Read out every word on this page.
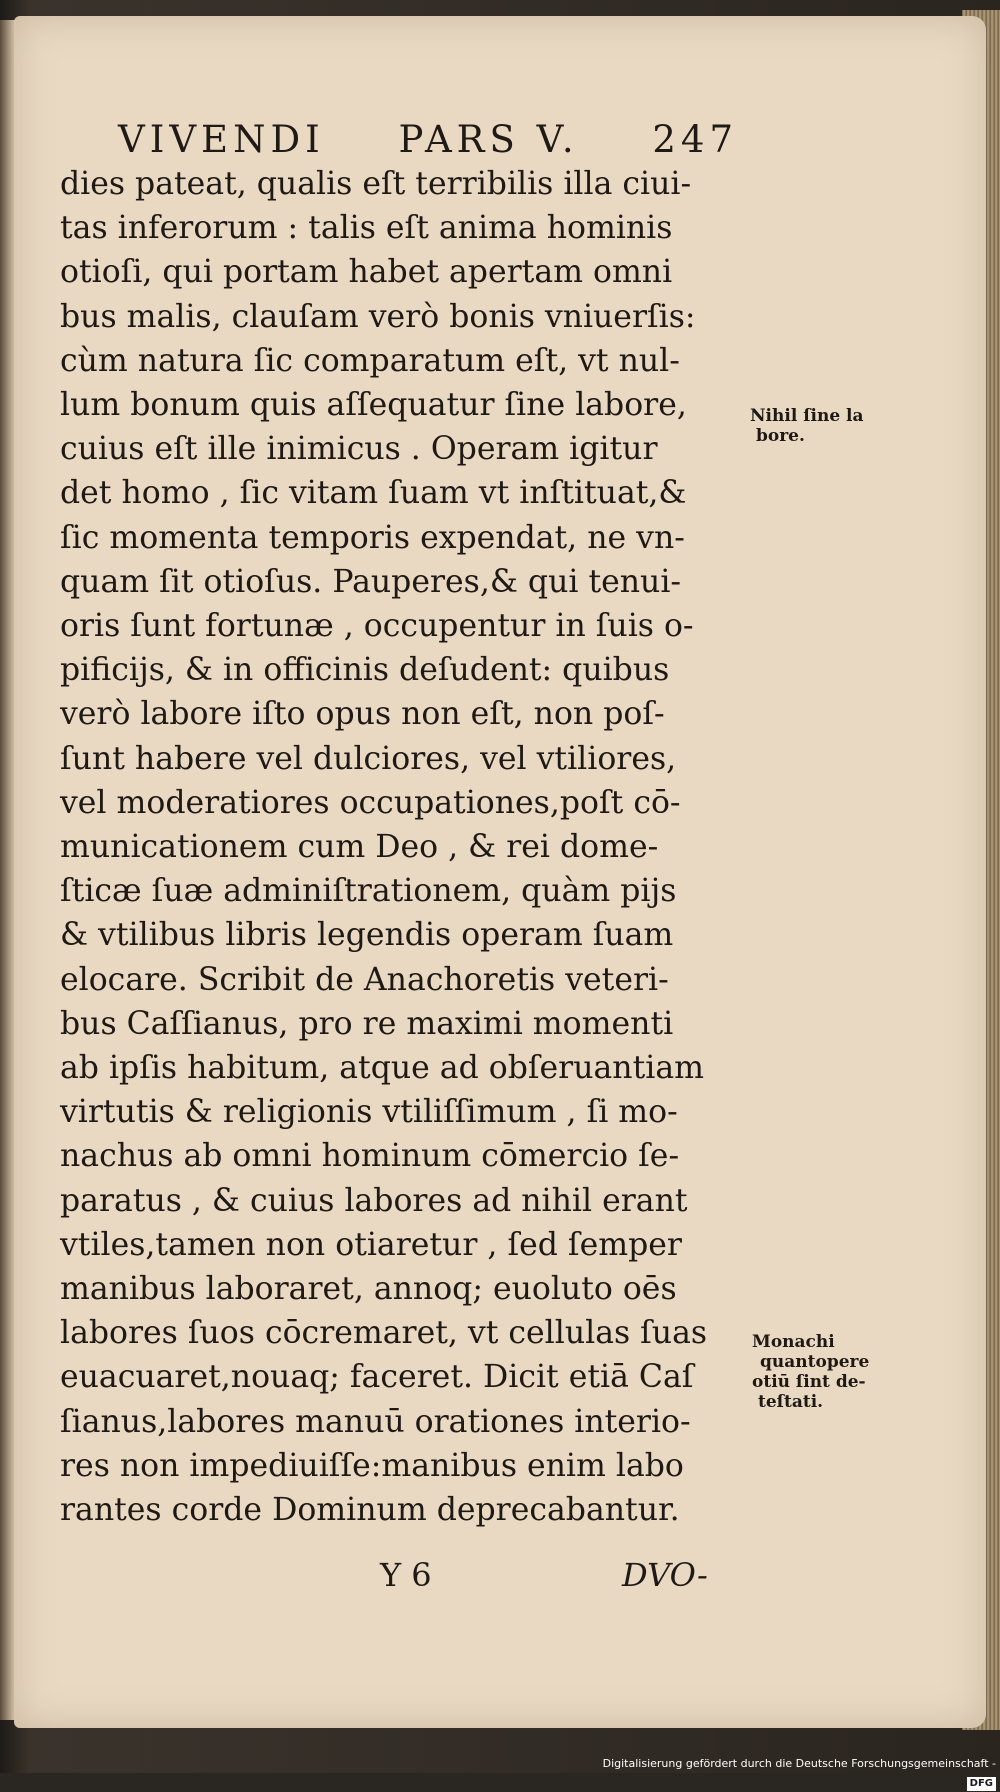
VIVENDI PARS V. 247
dies pateat, qualis eſt terribilis illa ciui-
tas inferorum : talis eſt anima hominis
otioſi, qui portam habet apertam omni
bus malis, clauſam verò bonis vniuerſis:
cùm natura ſic comparatum eſt, vt nul-
lum bonum quis aſſequatur ſine labore,
cuius eſt ille inimicus . Operam igitur
det homo , ſic vitam ſuam vt inſtituat,&
ſic momenta temporis expendat, ne vn-
quam ſit otioſus. Pauperes,& qui tenui-
oris ſunt fortunæ , occupentur in ſuis o-
pificijs, & in officinis deſudent: quibus
verò labore iſto opus non eſt, non poſ-
ſunt habere vel dulciores, vel vtiliores,
vel moderatiores occupationes,poſt cō-
municationem cum Deo , & rei dome-
ſticæ ſuæ adminiſtrationem, quàm pijs
& vtilibus libris legendis operam ſuam
elocare. Scribit de Anachoretis veteri-
bus Caſſianus, pro re maximi momenti
ab ipſis habitum, atque ad obſeruantiam
virtutis & religionis vtiliſſimum , ſi mo-
nachus ab omni hominum cōmercio ſe-
paratus , & cuius labores ad nihil erant
vtiles,tamen non otiaretur , ſed ſemper
manibus laboraret, annoq; euoluto oēs
labores ſuos cōcremaret, vt cellulas ſuas
euacuaret,nouaq; faceret. Dicit etiā Caſ
ſianus,labores manuū orationes interio-
res non impediuiſſe:manibus enim labo
rantes corde Dominum deprecabantur.
Nihil ſine la
bore.
Monachi
quantopere
otiū ſint de-
teſtati.
Y 6	DVO-
Digitalisierung gefördert durch die Deutsche Forschungsgemeinschaft -DFG
